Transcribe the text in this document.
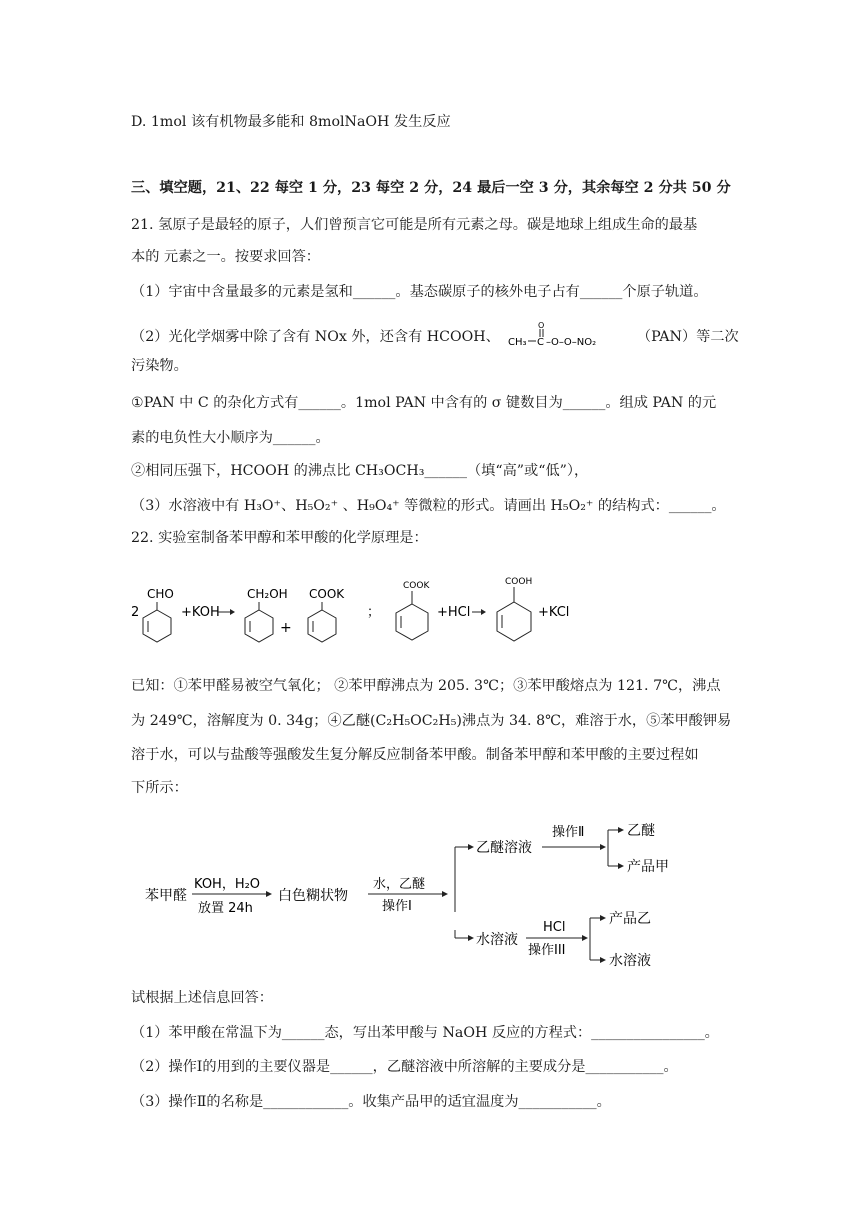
D. 1mol 该有机物最多能和 8molNaOH 发生反应
三、填空题，21、22 每空 1 分，23 每空 2 分，24 最后一空 3 分，其余每空 2 分共 50 分
21. 氢原子是最轻的原子，人们曾预言它可能是所有元素之母。碳是地球上组成生命的最基
本的 元素之一。按要求回答：
（1）宇宙中含量最多的元素是氢和______。基态碳原子的核外电子占有______个原子轨道。
（2）光化学烟雾中除了含有 NOx 外，还含有 HCOOH、 CH₃ C
O
–O–O–NO₂	（PAN）等二次
污染物。
①PAN 中 C 的杂化方式有______。1mol PAN 中含有的 σ 键数目为______。组成 PAN 的元
素的电负性大小顺序为______。
②相同压强下，HCOOH 的沸点比 CH₃OCH₃______（填“高”或“低”），
（3）水溶液中有 H₃O⁺、H₅O₂⁺ 、H₉O₄⁺ 等微粒的形式。请画出 H₅O₂⁺ 的结构式：______。
22. 实验室制备苯甲醇和苯甲酸的化学原理是：
2
CHO
+KOH
CH₂OH
+
COOK
；
COOK
+HCl
COOH
+KCl
已知：①苯甲醛易被空气氧化； ②苯甲醇沸点为 205. 3℃；③苯甲酸熔点为 121. 7℃，沸点
为 249℃，溶解度为 0. 34g；④乙醚(C₂H₅OC₂H₅)沸点为 34. 8℃，难溶于水，⑤苯甲酸钾易
溶于水，可以与盐酸等强酸发生复分解反应制备苯甲酸。制备苯甲醇和苯甲酸的主要过程如
下所示：
苯甲醛
KOH，H₂O
放置 24h
白色糊状物
水，乙醚
操作Ⅰ
乙醚溶液
操作Ⅱ	乙醚
产品甲
水溶液
HCl
操作III
产品乙
水溶液
试根据上述信息回答：
（1）苯甲酸在常温下为______态，写出苯甲酸与 NaOH 反应的方程式：________________。
（2）操作Ⅰ的用到的主要仪器是______，乙醚溶液中所溶解的主要成分是___________。
（3）操作Ⅱ的名称是____________。收集产品甲的适宜温度为___________。
